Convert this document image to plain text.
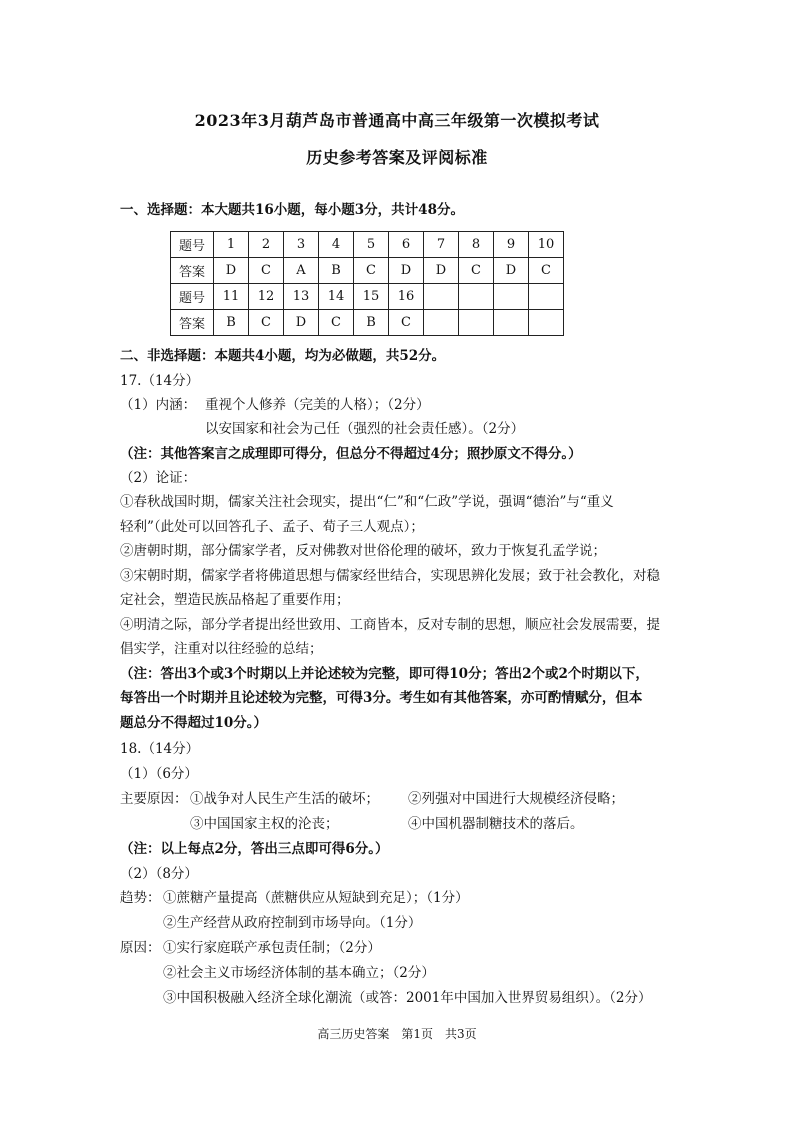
2023年3月葫芦岛市普通高中高三年级第一次模拟考试
历史参考答案及评阅标准
一、选择题：本大题共16小题，每小题3分，共计48分。
题号	1	2	3	4	5	6	7	8	9	10
答案	D	C	A	B	C	D	D	C	D	C
题号	11	12	13	14	15	16				
答案	B	C	D	C	B	C				
二、非选择题：本题共4小题，均为必做题，共52分。
17.（14分）
（1）内涵： 重视个人修养（完美的人格）；（2分）
以安国家和社会为己任（强烈的社会责任感）。（2分）
（注：其他答案言之成理即可得分，但总分不得超过4分；照抄原文不得分。）
（2）论证：
①春秋战国时期，儒家关注社会现实，提出“仁”和“仁政”学说，强调“德治”与“重义
轻利”（此处可以回答孔子、孟子、荀子三人观点）；
②唐朝时期，部分儒家学者，反对佛教对世俗伦理的破坏，致力于恢复孔孟学说；
③宋朝时期，儒家学者将佛道思想与儒家经世结合，实现思辨化发展；致于社会教化，对稳
定社会，塑造民族品格起了重要作用；
④明清之际，部分学者提出经世致用、工商皆本，反对专制的思想，顺应社会发展需要，提
倡实学，注重对以往经验的总结；
（注：答出3个或3个时期以上并论述较为完整，即可得10分；答出2个或2个时期以下，
每答出一个时期并且论述较为完整，可得3分。考生如有其他答案，亦可酌情赋分，但本
题总分不得超过10分。）
18.（14分）
（1）（6分）
主要原因： ①战争对人民生产生活的破坏； ②列强对中国进行大规模经济侵略；
③中国国家主权的沦丧；	④中国机器制糖技术的落后。
（注：以上每点2分，答出三点即可得6分。）
（2）（8分）
趋势： ①蔗糖产量提高（蔗糖供应从短缺到充足）；（1分）
②生产经营从政府控制到市场导向。（1分）
原因： ①实行家庭联产承包责任制；（2分）
②社会主义市场经济体制的基本确立；（2分）
③中国积极融入经济全球化潮流（或答：2001年中国加入世界贸易组织）。（2分）
高三历史答案　第1页　共3页
